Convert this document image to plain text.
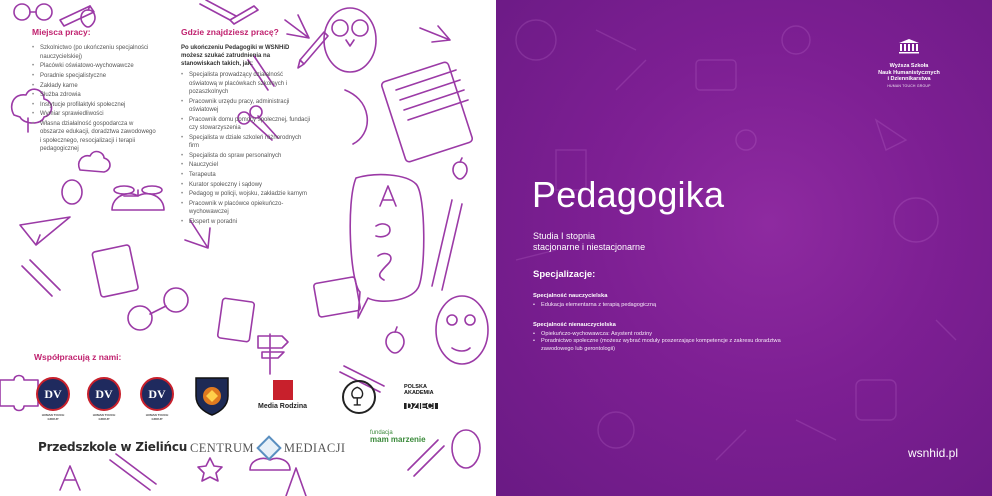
Miejsca pracy:
• Szkolnictwo (po ukończeniu specjalności nauczycielskiej)
• Placówki oświatowo-wychowawcze
• Poradnie specjalistyczne
• Zakłady karne
• Służba zdrowia
• Instytucje profilaktyki społecznej
• Wymiar sprawiedliwości
• Własna działalność gospodarcza w obszarze edukacji, doradztwa zawodowego i społecznego, resocjalizacji i terapii pedagogicznej
Gdzie znajdziesz pracę?

Po ukończeniu Pedagogiki w WSNHiD możesz szukać zatrudnienia na stanowiskach takich, jak:

• Specjalista prowadzący działalność oświatową w placówkach szkolnych i pozaszkolnych
• Pracownik urzędu pracy, administracji oświatowej
• Pracownik domu pomocy społecznej, fundacji czy stowarzyszenia
• Specjalista w dziale szkoleń różnorodnych firm
• Specjalista do spraw personalnych
• Nauczyciel
• Terapeuta
• Kurator społeczny i sądowy
• Pedagog w policji, wojsku, zakładzie karnym
• Pracownik w placówce opiekuńczo-wychowawczej
• Ekspert w poradni
Współpracują z nami:
DV
HUMAN TOUCH GROUP
DV
HUMAN TOUCH GROUP
DV
HUMAN TOUCH GROUP
Media Rodzina
POLSKA
AKADEMIA
DZIECI
Przedszkole w Zielińcu CENTRUM MEDIACJI
fundacja
mam marzenie
Wyższa Szkoła
Nauk Humanistycznych
i Dziennikarstwa
HUMAN TOUCH GROUP
Pedagogika
Studia I stopnia
stacjonarne i niestacjonarne
Specjalizacje:
Specjalność nauczycielska
• Edukacja elementarna z terapią pedagogiczną
Specjalność nienauczycielska
• Opiekuńczo-wychowawcza: Asystent rodziny
• Poradnictwo społeczne (możesz wybrać moduły poszerzające kompetencje z zakresu doradztwa zawodowego lub gerontologii)
wsnhid.pl
